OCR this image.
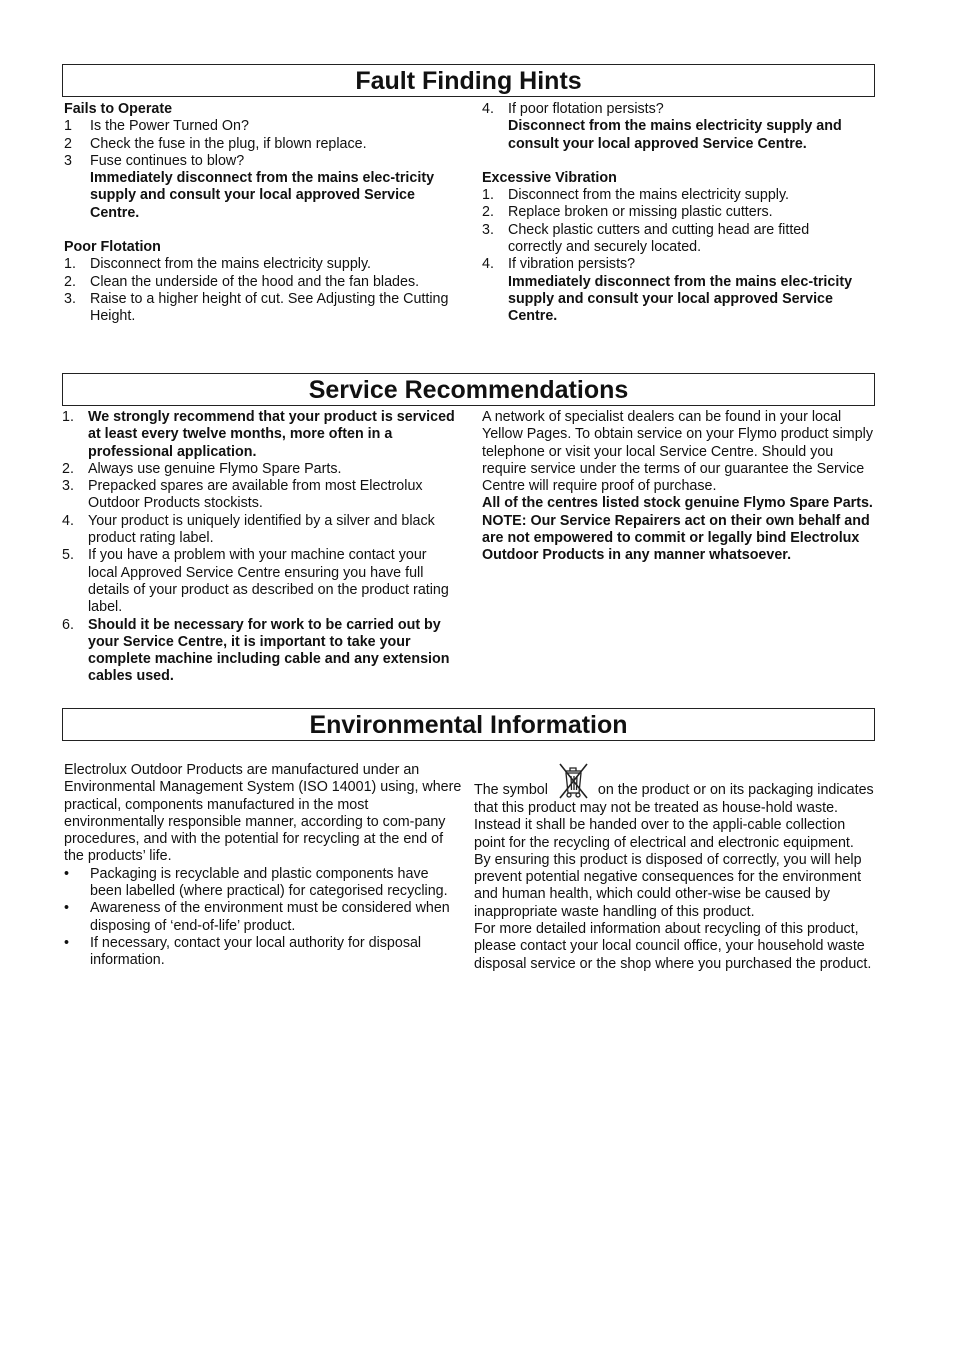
Fault Finding Hints
Fails to Operate
1	Is the Power Turned On?
2	Check the fuse in the plug, if blown replace.
3	Fuse continues to blow?
Immediately disconnect from the mains elec-tricity supply and consult your local approved Service Centre.
Poor Flotation
1. Disconnect from the mains electricity supply.
2. Clean the underside of the hood and the fan blades.
3. Raise to a higher height of cut. See Adjusting the Cutting Height.
4. If poor flotation persists?
Disconnect from the mains electricity supply and consult your local approved Service Centre.
Excessive Vibration
1. Disconnect from the mains electricity supply.
2. Replace broken or missing plastic cutters.
3. Check plastic cutters and cutting head are fitted correctly and securely located.
4. If vibration persists?
Immediately disconnect from the mains elec-tricity supply and consult your local approved Service Centre.
Service Recommendations
1. We strongly recommend that your product is serviced at least every twelve months, more often in a professional application.
2. Always use genuine Flymo Spare Parts.
3. Prepacked spares are available from most Electrolux Outdoor Products stockists.
4. Your product is uniquely identified by a silver and black product rating label.
5. If you have a problem with your machine contact your local Approved Service Centre ensuring you have full details of your product as described on the product rating label.
6. Should it be necessary for work to be carried out by your Service Centre, it is important to take your complete machine including cable and any extension cables used.

A network of specialist dealers can be found in your local Yellow Pages. To obtain service on your Flymo product simply telephone or visit your local Service Centre. Should you require service under the terms of our guarantee the Service Centre will require proof of purchase.

All of the centres listed stock genuine Flymo Spare Parts. NOTE: Our Service Repairers act on their own behalf and are not empowered to commit or legally bind Electrolux Outdoor Products in any manner whatsoever.

Environmental Information

Electrolux Outdoor Products are manufactured under an Environmental Management System (ISO 14001) using, where practical, components manufactured in the most environmentally responsible manner, according to com-pany procedures, and with the potential for recycling at the end of the products’ life.

•	Packaging is recyclable and plastic components have been labelled (where practical) for categorised recycling.
•	Awareness of the environment must be considered when disposing of ‘end-of-life’ product.
•	If necessary, contact your local authority for disposal information.

The symbol	on the product or on its packaging indicates that this product may not be treated as house-hold waste. Instead it shall be handed over to the appli-cable collection point for the recycling of electrical and electronic equipment.

By ensuring this product is disposed of correctly, you will help prevent potential negative consequences for the environment and human health, which could other-wise be caused by inappropriate waste handling of this product.

For more detailed information about recycling of this product, please contact your local council office, your household waste disposal service or the shop where you purchased the product.
